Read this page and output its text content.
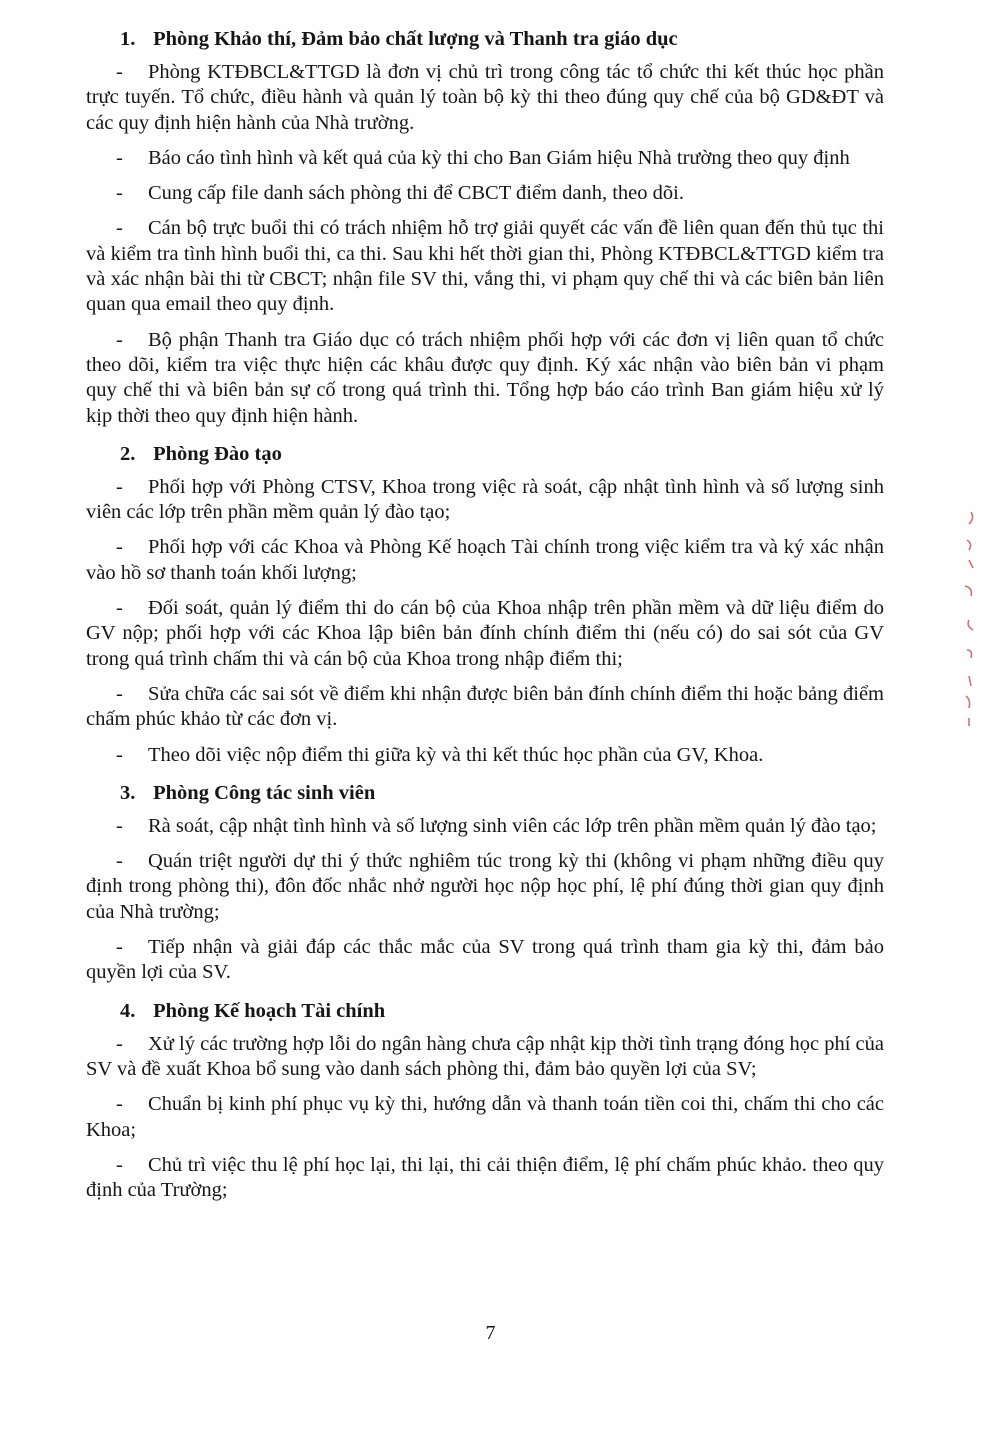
1. Phòng Khảo thí, Đảm bảo chất lượng và Thanh tra giáo dục

- Phòng KTĐBCL&TTGD là đơn vị chủ trì trong công tác tổ chức thi kết thúc học phần trực tuyến. Tổ chức, điều hành và quản lý toàn bộ kỳ thi theo đúng quy chế của bộ GD&ĐT và các quy định hiện hành của Nhà trường.

- Báo cáo tình hình và kết quả của kỳ thi cho Ban Giám hiệu Nhà trường theo quy định

- Cung cấp file danh sách phòng thi để CBCT điểm danh, theo dõi.

- Cán bộ trực buổi thi có trách nhiệm hỗ trợ giải quyết các vấn đề liên quan đến thủ tục thi và kiểm tra tình hình buổi thi, ca thi. Sau khi hết thời gian thi, Phòng KTĐBCL&TTGD kiểm tra và xác nhận bài thi từ CBCT; nhận file SV thi, vắng thi, vi phạm quy chế thi và các biên bản liên quan qua email theo quy định.

- Bộ phận Thanh tra Giáo dục có trách nhiệm phối hợp với các đơn vị liên quan tổ chức theo dõi, kiểm tra việc thực hiện các khâu được quy định. Ký xác nhận vào biên bản vi phạm quy chế thi và biên bản sự cố trong quá trình thi. Tổng hợp báo cáo trình Ban giám hiệu xử lý kịp thời theo quy định hiện hành.

2. Phòng Đào tạo

- Phối hợp với Phòng CTSV, Khoa trong việc rà soát, cập nhật tình hình và số lượng sinh viên các lớp trên phần mềm quản lý đào tạo;

- Phối hợp với các Khoa và Phòng Kế hoạch Tài chính trong việc kiểm tra và ký xác nhận vào hồ sơ thanh toán khối lượng;

- Đối soát, quản lý điểm thi do cán bộ của Khoa nhập trên phần mềm và dữ liệu điểm do GV nộp; phối hợp với các Khoa lập biên bản đính chính điểm thi (nếu có) do sai sót của GV trong quá trình chấm thi và cán bộ của Khoa trong nhập điểm thi;

- Sửa chữa các sai sót về điểm khi nhận được biên bản đính chính điểm thi hoặc bảng điểm chấm phúc khảo từ các đơn vị.

- Theo dõi việc nộp điểm thi giữa kỳ và thi kết thúc học phần của GV, Khoa.

3. Phòng Công tác sinh viên

- Rà soát, cập nhật tình hình và số lượng sinh viên các lớp trên phần mềm quản lý đào tạo;

- Quán triệt người dự thi ý thức nghiêm túc trong kỳ thi (không vi phạm những điều quy định trong phòng thi), đôn đốc nhắc nhở người học nộp học phí, lệ phí đúng thời gian quy định của Nhà trường;

- Tiếp nhận và giải đáp các thắc mắc của SV trong quá trình tham gia kỳ thi, đảm bảo quyền lợi của SV.

4. Phòng Kế hoạch Tài chính

- Xử lý các trường hợp lỗi do ngân hàng chưa cập nhật kịp thời tình trạng đóng học phí của SV và đề xuất Khoa bổ sung vào danh sách phòng thi, đảm bảo quyền lợi của SV;

- Chuẩn bị kinh phí phục vụ kỳ thi, hướng dẫn và thanh toán tiền coi thi, chấm thi cho các Khoa;

- Chủ trì việc thu lệ phí học lại, thi lại, thi cải thiện điểm, lệ phí chấm phúc khảo. theo quy định của Trường;

7
